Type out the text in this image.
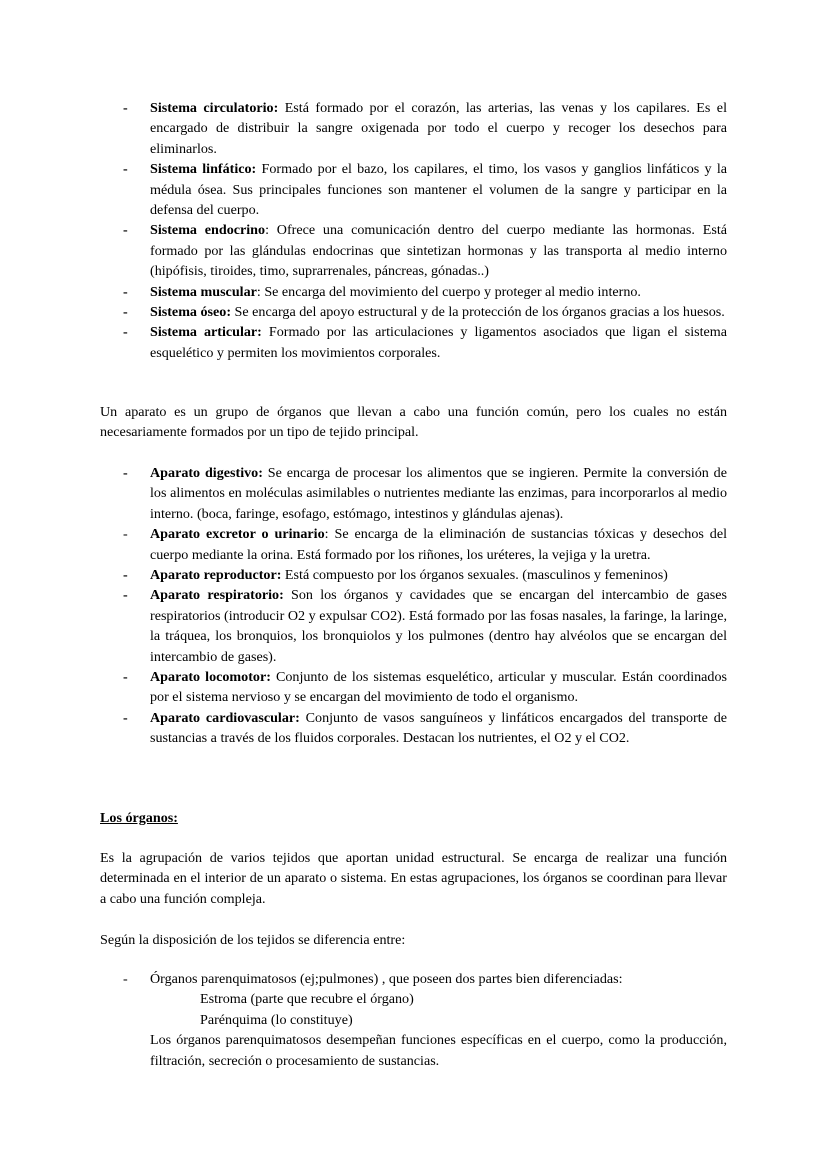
- Sistema circulatorio: Está formado por el corazón, las arterias, las venas y los capilares. Es el encargado de distribuir la sangre oxigenada por todo el cuerpo y recoger los desechos para eliminarlos.
- Sistema linfático: Formado por el bazo, los capilares, el timo, los vasos y ganglios linfáticos y la médula ósea. Sus principales funciones son mantener el volumen de la sangre y participar en la defensa del cuerpo.
- Sistema endocrino: Ofrece una comunicación dentro del cuerpo mediante las hormonas. Está formado por las glándulas endocrinas que sintetizan hormonas y las transporta al medio interno (hipófisis, tiroides, timo, suprarrenales, páncreas, gónadas..)
- Sistema muscular: Se encarga del movimiento del cuerpo y proteger al medio interno.
- Sistema óseo: Se encarga del apoyo estructural y de la protección de los órganos gracias a los huesos.
- Sistema articular: Formado por las articulaciones y ligamentos asociados que ligan el sistema esquelético y permiten los movimientos corporales.

Un aparato es un grupo de órganos que llevan a cabo una función común, pero los cuales no están necesariamente formados por un tipo de tejido principal.

- Aparato digestivo: Se encarga de procesar los alimentos que se ingieren. Permite la conversión de los alimentos en moléculas asimilables o nutrientes mediante las enzimas, para incorporarlos al medio interno. (boca, faringe, esofago, estómago, intestinos y glándulas ajenas).
- Aparato excretor o urinario: Se encarga de la eliminación de sustancias tóxicas y desechos del cuerpo mediante la orina. Está formado por los riñones, los uréteres, la vejiga y la uretra.
- Aparato reproductor: Está compuesto por los órganos sexuales. (masculinos y femeninos)
- Aparato respiratorio: Son los órganos y cavidades que se encargan del intercambio de gases respiratorios (introducir O2 y expulsar CO2). Está formado por las fosas nasales, la faringe, la laringe, la tráquea, los bronquios, los bronquiolos y los pulmones (dentro hay alvéolos que se encargan del intercambio de gases).
- Aparato locomotor: Conjunto de los sistemas esquelético, articular y muscular. Están coordinados por el sistema nervioso y se encargan del movimiento de todo el organismo.
- Aparato cardiovascular: Conjunto de vasos sanguíneos y linfáticos encargados del transporte de sustancias a través de los fluidos corporales. Destacan los nutrientes, el O2 y el CO2.

Los órganos:

Es la agrupación de varios tejidos que aportan unidad estructural. Se encarga de realizar una función determinada en el interior de un aparato o sistema. En estas agrupaciones, los órganos se coordinan para llevar a cabo una función compleja.

Según la disposición de los tejidos se diferencia entre:

- Órganos parenquimatosos (ej;pulmones) , que poseen dos partes bien diferenciadas:
Estroma (parte que recubre el órgano)
Parénquima (lo constituye)

Los órganos parenquimatosos desempeñan funciones específicas en el cuerpo, como la producción, filtración, secreción o procesamiento de sustancias.
